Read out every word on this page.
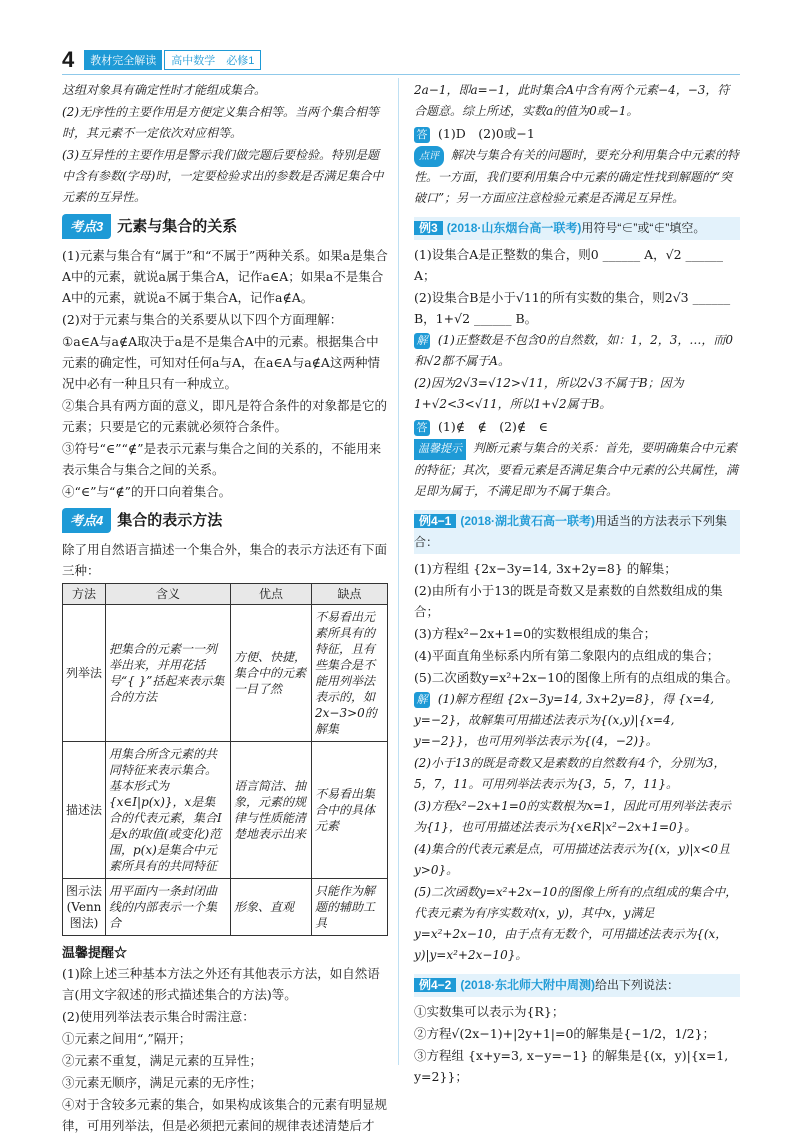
4	教材完全解读	高中数学　必修1

这组对象具有确定性时才能组成集合。

(2)无序性的主要作用是方便定义集合相等。当两个集合相等时，其元素不一定依次对应相等。

(3)互异性的主要作用是警示我们做完题后要检验。特别是题中含有参数(字母)时，一定要检验求出的参数是否满足集合中元素的互异性。

考点3 元素与集合的关系

(1)元素与集合有“属于”和“不属于”两种关系。如果a是集合A中的元素，就说a属于集合A，记作a∈A；如果a不是集合A中的元素，就说a不属于集合A，记作a∉A。

(2)对于元素与集合的关系要从以下四个方面理解：

①a∈A与a∉A取决于a是不是集合A中的元素。根据集合中元素的确定性，可知对任何a与A，在a∈A与a∉A这两种情况中必有一种且只有一种成立。

②集合具有两方面的意义，即凡是符合条件的对象都是它的元素；只要是它的元素就必须符合条件。

③符号“∈”“∉”是表示元素与集合之间的关系的，不能用来表示集合与集合之间的关系。

④“∈”与“∉”的开口向着集合。

考点4 集合的表示方法

除了用自然语言描述一个集合外，集合的表示方法还有下面三种：

方法	含义	优点	缺点
列举法	把集合的元素一一列举出来，并用花括号“{ }”括起来表示集合的方法	方便、快捷，集合中的元素一目了然	不易看出元素所具有的特征，且有些集合是不能用列举法表示的，如2x−3>0的解集
描述法	用集合所含元素的共同特征来表示集合。基本形式为{x∈I|p(x)}，x是集合的代表元素，集合I是x的取值(或变化)范围，p(x)是集合中元素所具有的共同特征	语言简洁、抽象，元素的规律与性质能清楚地表示出来	不易看出集合中的具体元素
图示法(Venn图法)	用平面内一条封闭曲线的内部表示一个集合	形象、直观	只能作为解题的辅助工具
温馨提醒☆

(1)除上述三种基本方法之外还有其他表示方法，如自然语言(用文字叙述的形式描述集合的方法)等。

(2)使用列举法表示集合时需注意：

①元素之间用“,”隔开；

②元素不重复，满足元素的互异性；

③元素无顺序，满足元素的无序性；

④对于含较多元素的集合，如果构成该集合的元素有明显规律，可用列举法，但是必须把元素间的规律表述清楚后才

2a−1，即a=−1，此时集合A中含有两个元素−4，−3，符合题意。综上所述，实数a的值为0或−1。

答 (1)D　(2)0或−1

点评 解决与集合有关的问题时，要充分利用集合中元素的特性。一方面，我们要利用集合中元素的确定性找到解题的“突破口”；另一方面应注意检验元素是否满足互异性。

例3 (2018·山东烟台高一联考)用符号“∈”或“∉”填空。

(1)设集合A是正整数的集合，则0 ______ A，√2 ______ A；

(2)设集合B是小于√11的所有实数的集合，则2√3 ______ B，1+√2 ______ B。

解 (1)正整数是不包含0的自然数，如：1，2，3，…，而0和√2都不属于A。

(2)因为2√3=√12>√11，所以2√3不属于B；因为1+√2<3<√11，所以1+√2属于B。

答 (1)∉　∉　(2)∉　∈

温馨提示 判断元素与集合的关系：首先，要明确集合中元素的特征；其次，要看元素是否满足集合中元素的公共属性，满足即为属于，不满足即为不属于集合。

例4−1 (2018·湖北黄石高一联考)用适当的方法表示下列集合：

(1)方程组 {2x−3y=14, 3x+2y=8} 的解集；

(2)由所有小于13的既是奇数又是素数的自然数组成的集合；

(3)方程x²−2x+1=0的实数根组成的集合；

(4)平面直角坐标系内所有第二象限内的点组成的集合；

(5)二次函数y=x²+2x−10的图像上所有的点组成的集合。

解 (1)解方程组 {2x−3y=14, 3x+2y=8}，得 {x=4, y=−2}，故解集可用描述法表示为{(x,y)|{x=4, y=−2}}，也可用列举法表示为{(4，−2)}。

(2)小于13的既是奇数又是素数的自然数有4个，分别为3，5，7，11。可用列举法表示为{3，5，7，11}。

(3)方程x²−2x+1=0的实数根为x=1，因此可用列举法表示为{1}，也可用描述法表示为{x∈R|x²−2x+1=0}。

(4)集合的代表元素是点，可用描述法表示为{(x，y)|x<0且y>0}。

(5)二次函数y=x²+2x−10的图像上所有的点组成的集合中，代表元素为有序实数对(x，y)，其中x，y满足y=x²+2x−10，由于点有无数个，可用描述法表示为{(x，y)|y=x²+2x−10}。

例4−2 (2018·东北师大附中周测)给出下列说法：

①实数集可以表示为{R}；

②方程√(2x−1)+|2y+1|=0的解集是{−1/2，1/2}；

③方程组 {x+y=3, x−y=−1} 的解集是{(x，y)|{x=1, y=2}}；
